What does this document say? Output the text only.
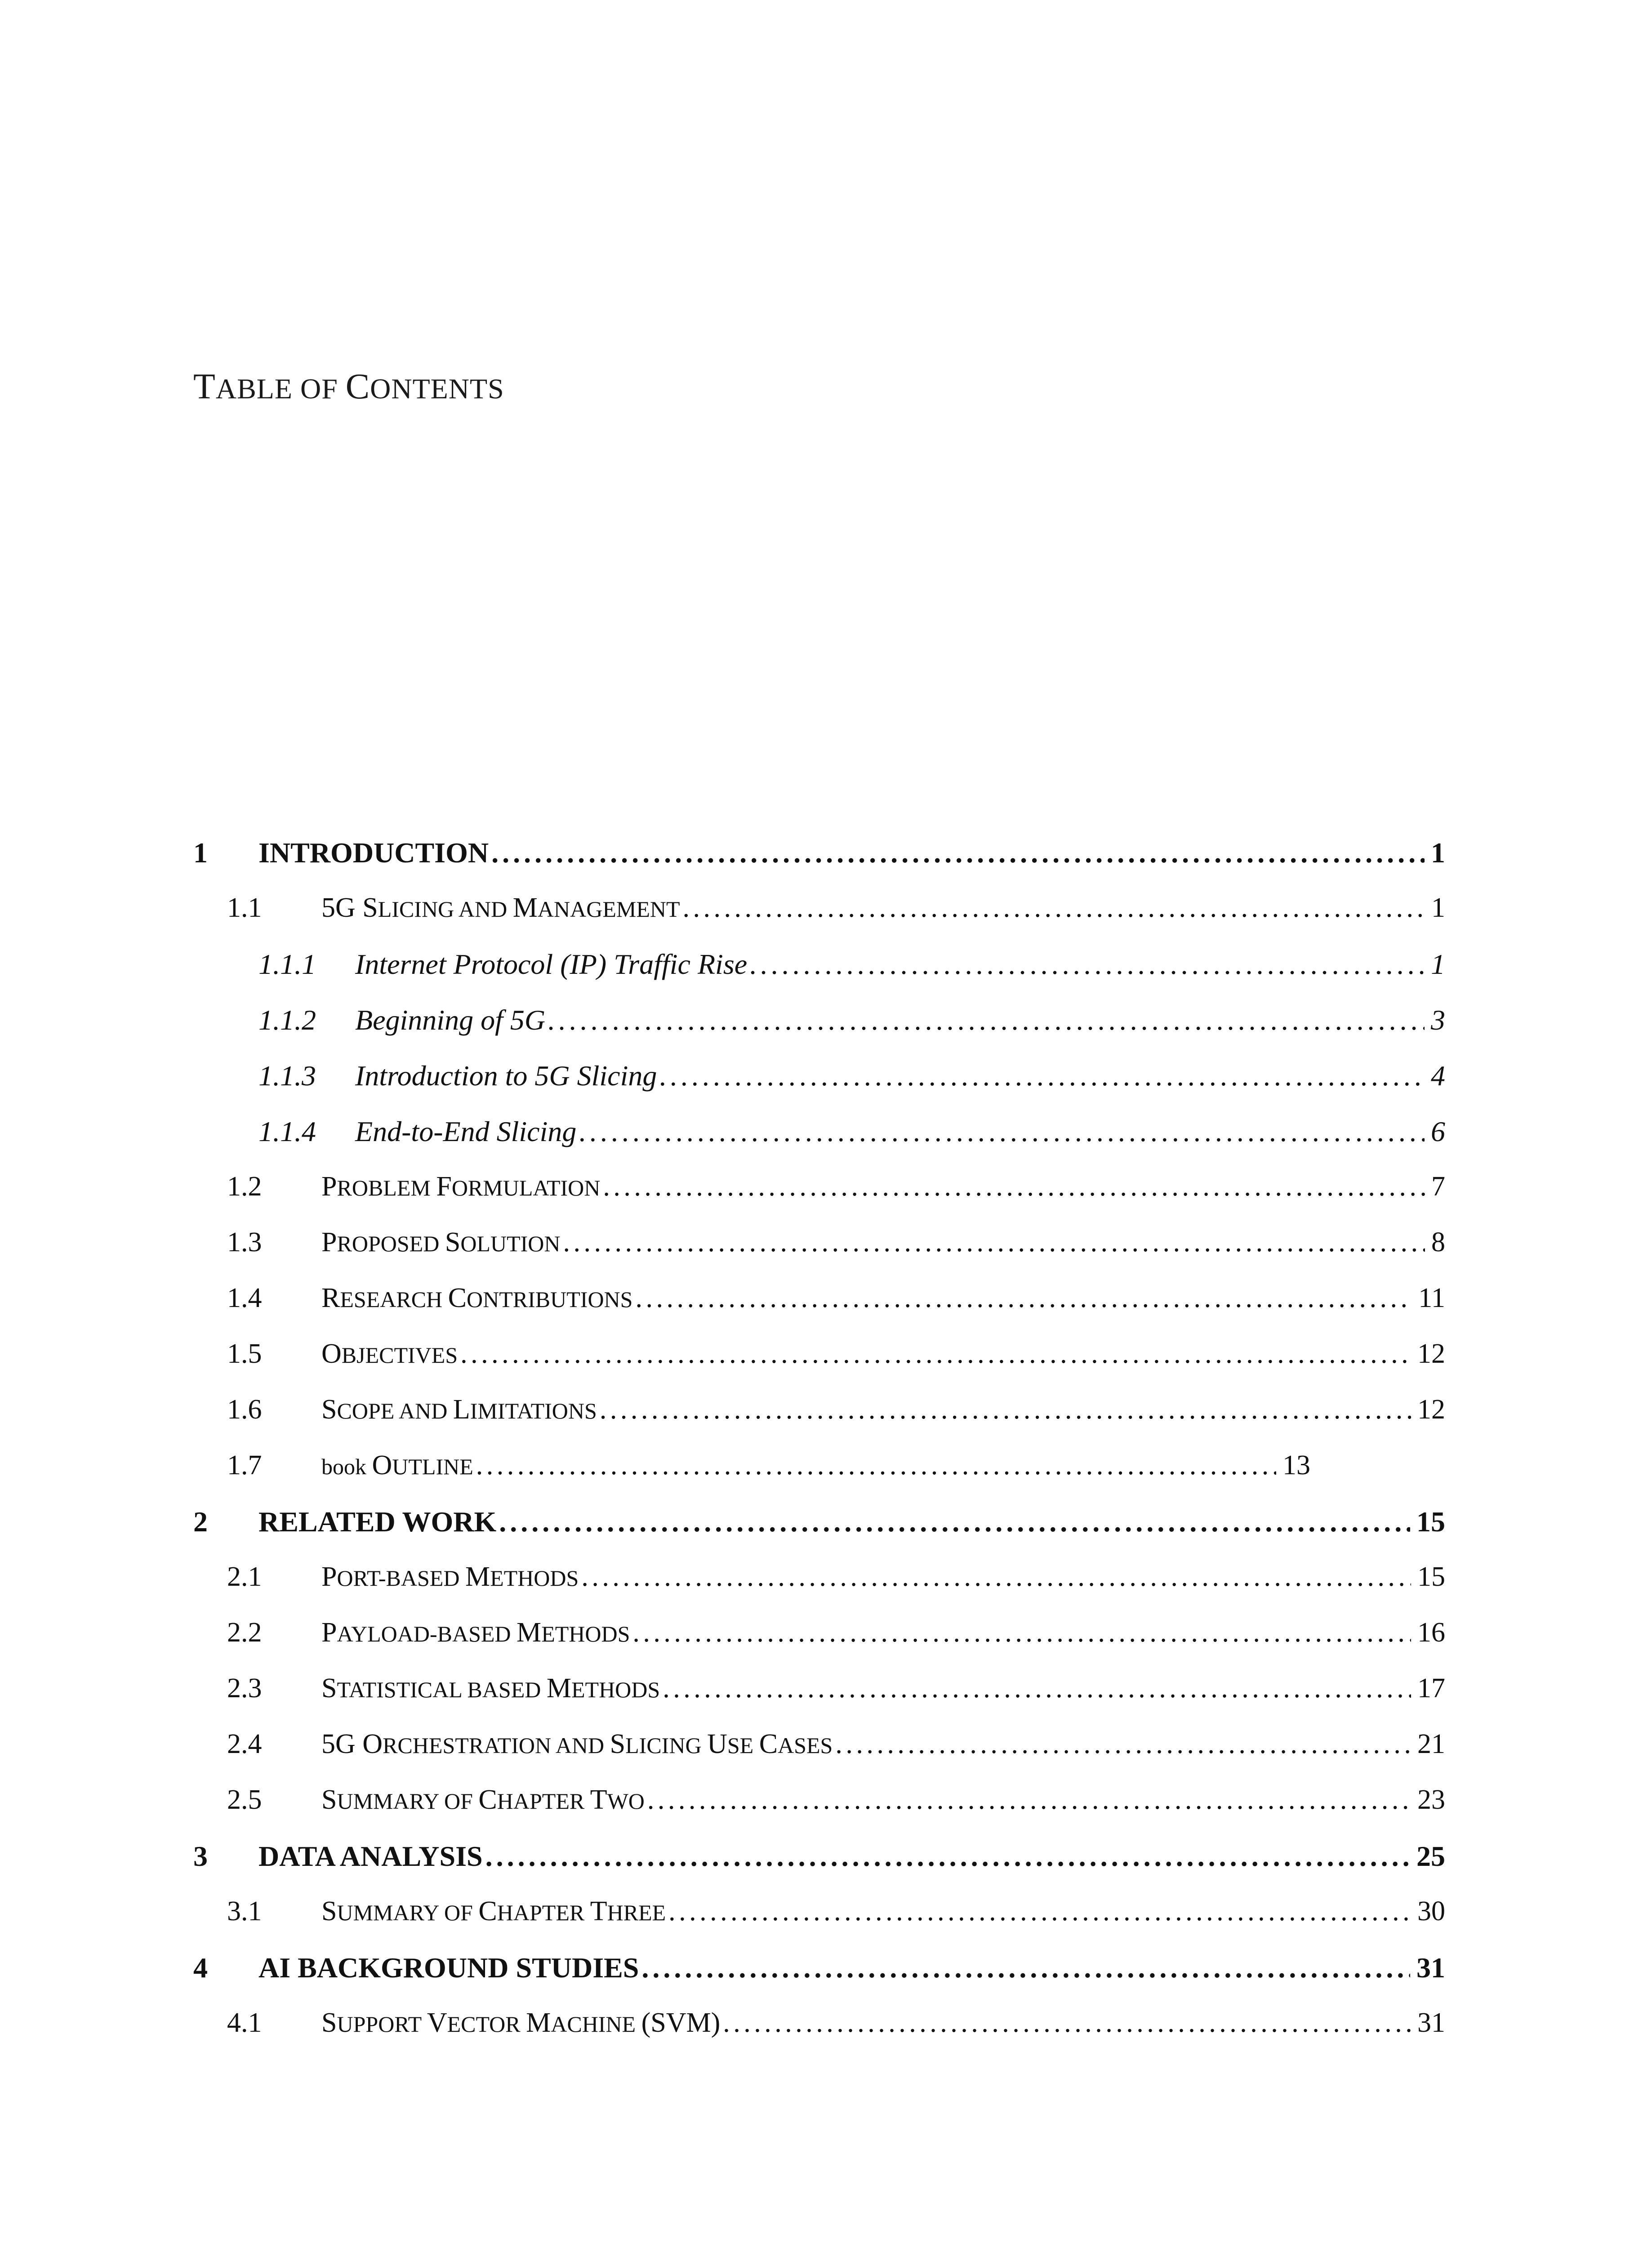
TABLE OF CONTENTS
1	INTRODUCTION . . .	1
1.1	5G SLICING AND MANAGEMENT . . .	1
1.1.1	Internet Protocol (IP) Traffic Rise . . .	1
1.1.2	Beginning of 5G . . .	3
1.1.3	Introduction to 5G Slicing . . .	4
1.1.4	End-to-End Slicing . . .	6
1.2	PROBLEM FORMULATION . . .	7
1.3	PROPOSED SOLUTION . . .	8
1.4	RESEARCH CONTRIBUTIONS . . .	11
1.5	OBJECTIVES . . .	12
1.6	SCOPE AND LIMITATIONS . . .	12
1.7	book OUTLINE . . .	13
2	RELATED WORK . . .	15
2.1	PORT-BASED METHODS . . .	15
2.2	PAYLOAD-BASED METHODS . . .	16
2.3	STATISTICAL BASED METHODS . . .	17
2.4	5G ORCHESTRATION AND SLICING USE CASES . . .	21
2.5	SUMMARY OF CHAPTER TWO . . .	23
3	DATA ANALYSIS . . .	25
3.1	SUMMARY OF CHAPTER THREE . . .	30
4	AI BACKGROUND STUDIES . . .	31
4.1	SUPPORT VECTOR MACHINE (SVM) . . .	31
